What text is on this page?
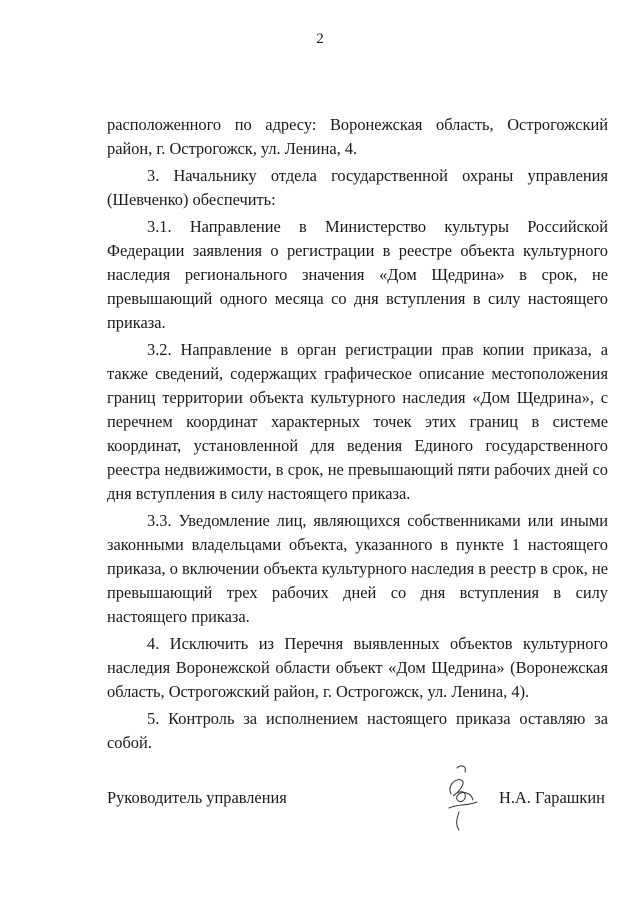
2

расположенного по адресу: Воронежская область, Острогожский район, г. Острогожск, ул. Ленина, 4.

3. Начальнику отдела государственной охраны управления

(Шевченко) обеспечить:

3.1. Направление в Министерство культуры Российской Федерации заявления о регистрации в реестре объекта культурного наследия регионального значения «Дом Щедрина» в срок, не превышающий одного месяца со дня вступления в силу настоящего приказа.

3.2. Направление в орган регистрации прав копии приказа, а также сведений, содержащих графическое описание местоположения границ территории объекта культурного наследия «Дом Щедрина», с перечнем координат характерных точек этих границ в системе координат, установленной для ведения Единого государственного реестра недвижимости, в срок, не превышающий пяти рабочих дней со дня вступления в силу настоящего приказа.

3.3. Уведомление лиц, являющихся собственниками или иными законными владельцами объекта, указанного в пункте 1 настоящего приказа, о включении объекта культурного наследия в реестр в срок, не превышающий трех рабочих дней со дня вступления в силу настоящего приказа.

4. Исключить из Перечня выявленных объектов культурного наследия Воронежской области объект «Дом Щедрина» (Воронежская область, Острогожский район, г. Острогожск, ул. Ленина, 4).

5. Контроль за исполнением настоящего приказа оставляю за собой.

Руководитель управления	Н.А. Гарашкин
